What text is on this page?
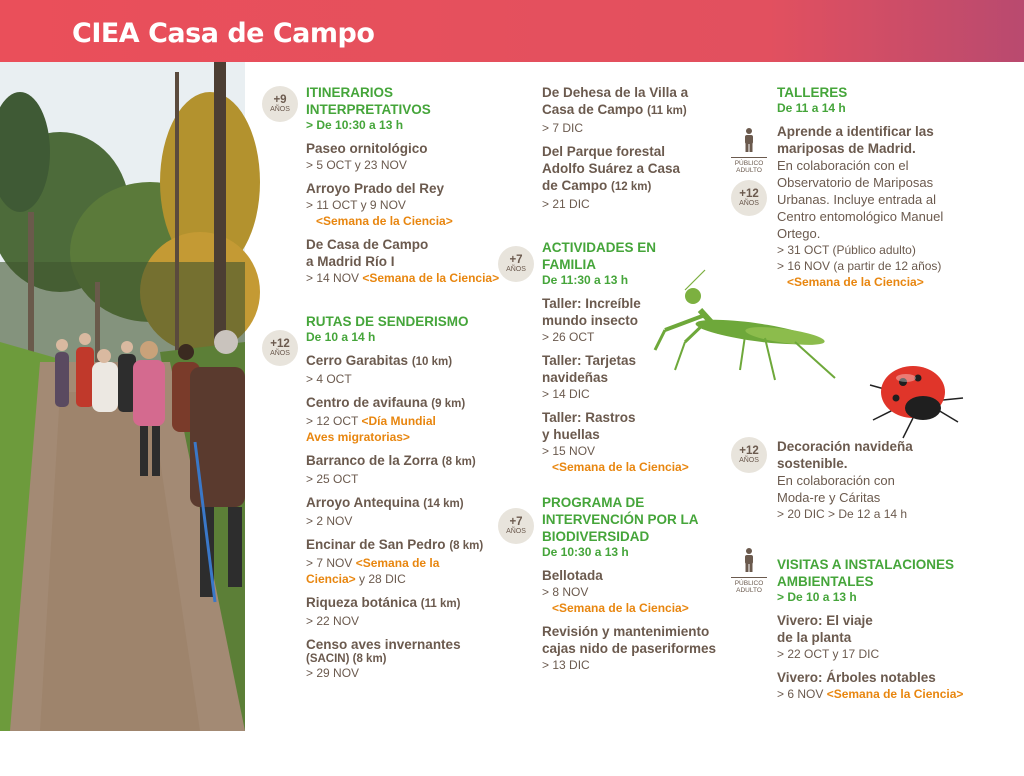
CIEA Casa de Campo
10
+9
AÑOS
+12
AÑOS
ITINERARIOS INTERPRETATIVOS
> De 10:30 a 13 h
Paseo ornitológico
> 5 OCT y 23 NOV
Arroyo Prado del Rey
> 11 OCT y 9 NOV
<Semana de la Ciencia>
De Casa de Campo a Madrid Río I
> 14 NOV <Semana de la Ciencia>
RUTAS DE SENDERISMO
De 10 a 14 h
Cerro Garabitas (10 km)
> 4 OCT
Centro de avifauna (9 km)
> 12 OCT <Día Mundial Aves migratorias>
Barranco de la Zorra (8 km)
> 25 OCT
Arroyo Antequina (14 km)
> 2 NOV
Encinar de San Pedro (8 km)
> 7 NOV <Semana de la Ciencia> y 28 DIC
Riqueza botánica (11 km)
> 22 NOV
Censo aves invernantes
(SACIN) (8 km)
> 29 NOV
+7
AÑOS
+7
AÑOS
De Dehesa de la Villa a Casa de Campo (11 km)
> 7 DIC
Del Parque forestal Adolfo Suárez a Casa de Campo (12 km)
> 21 DIC
ACTIVIDADES EN FAMILIA
De 11:30 a 13 h
Taller: Increíble mundo insecto
> 26 OCT
Taller: Tarjetas navideñas
> 14 DIC
Taller: Rastros y huellas
> 15 NOV
<Semana de la Ciencia>
PROGRAMA DE INTERVENCIÓN POR LA BIODIVERSIDAD
De 10:30 a 13 h
Bellotada
> 8 NOV
<Semana de la Ciencia>
Revisión y mantenimiento cajas nido de paseriformes
> 13 DIC
PÚBLICO ADULTO
+12
AÑOS
+12
AÑOS
PÚBLICO ADULTO
TALLERES
De 11 a 14 h
Aprende a identificar las mariposas de Madrid.
En colaboración con el Observatorio de Mariposas Urbanas. Incluye entrada al Centro entomológico Manuel Ortego.
> 31 OCT (Público adulto)
> 16 NOV (a partir de 12 años)
<Semana de la Ciencia>
Decoración navideña sostenible.
En colaboración con Moda-re y Cáritas
> 20 DIC > De 12 a 14 h
VISITAS A INSTALACIONES AMBIENTALES
> De 10 a 13 h
Vivero: El viaje de la planta
> 22 OCT y 17 DIC
Vivero: Árboles notables
> 6 NOV <Semana de la Ciencia>
